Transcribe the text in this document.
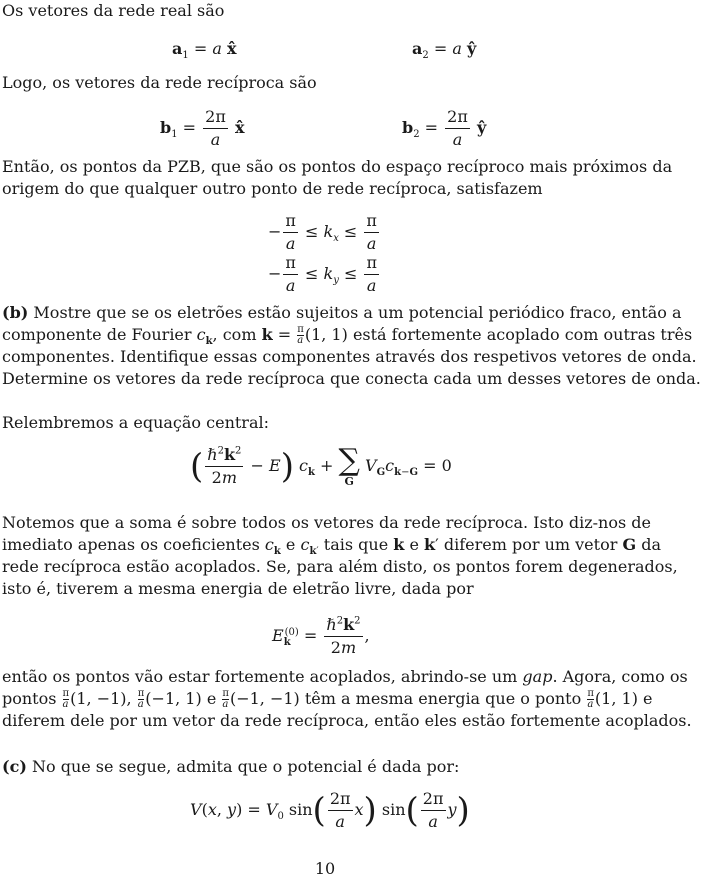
Os vetores da rede real são

$a_1 = a$ x̂	$a_2 = a$ ŷ

Logo, os vetores da rede recíproca são

$b_1 = \frac{2\pi}{a}$ x̂	$b_2 = \frac{2\pi}{a}$ ŷ
Então, os pontos da PZB, que são os pontos do espaço recíproco mais próximos da
origem do que qualquer outro ponto de rede recíproca, satisfazem
− $\frac{\pi}{a} \le k_x \le \frac{\pi}{a}$
− $\frac{\pi}{a} \le k_y \le \frac{\pi}{a}$
(b) Mostre que se os eletrões estão sujeitos a um potencial periódico fraco, então a
componente de Fourier $c_k$, com $k = \frac{\pi}{a}(1$, 1) está fortemente acoplado com outras três
componentes. Identifique essas componentes através dos respetivos vetores de onda.
Determine os vetores da rede recíproca que conecta cada um desses vetores de onda.

Relembremos a equação central:

( $\frac{\hbar^2k^2}{2m} - E$) $c_k$ + ∑
G
$V_Gc_{k-G} = 0$
Notemos que a soma é sobre todos os vetores da rede recíproca. Isto diz-nos de
imediato apenas os coeficientes $c_k$ e $c_{k'}$ tais que k e k′ diferem por um vetor G da
rede recíproca estão acoplados. Se, para além disto, os pontos forem degenerados,
isto é, tiverem a mesma energia de eletrão livre, dada por
$E_k^{(0)} = \frac{\hbar^2k^2}{2m}$ ,
então os pontos vão estar fortemente acoplados, abrindo-se um gap. Agora, como os
pontos $\frac{\pi}{a}(1$, −1), $\frac{\pi}{a}(-1$, 1) e $\frac{\pi}{a}(-1$, −1) têm a mesma energia que o ponto $\frac{\pi}{a}(1$, 1) e
diferem dele por um vetor da rede recíproca, então eles estão fortemente acoplados.

(c) No que se segue, admita que o potencial é dada por:

V(x, $y) = V_0$ $\sin( \frac{2\pi}{a} x)$ $\sin( \frac{2\pi}{a} y)$
10
